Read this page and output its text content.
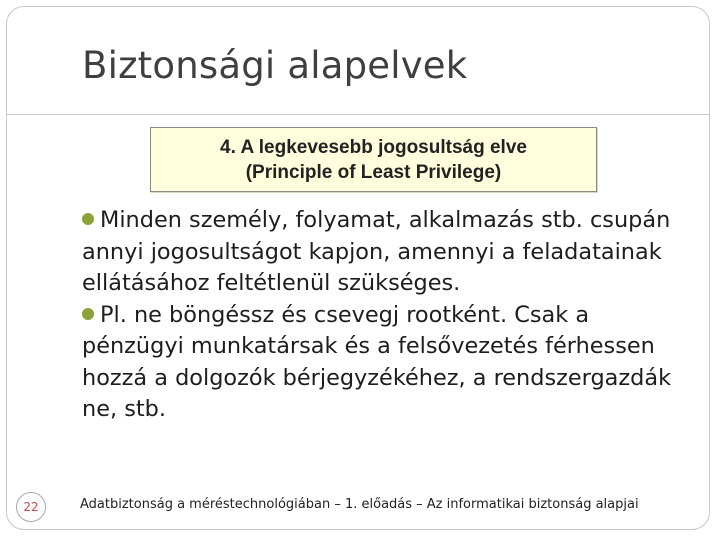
Biztonsági alapelvek
4. A legkevesebb jogosultság elve
(Principle of Least Privilege)

Minden személy, folyamat, alkalmazás stb. csupán annyi jogosultságot kapjon, amennyi a feladatainak ellátásához feltétlenül szükséges.

Pl. ne böngéssz és csevegj rootként. Csak a pénzügyi munkatársak és a felsővezetés férhessen hozzá a dolgozók bérjegyzékéhez, a rendszergazdák ne, stb.

22	Adatbiztonság a méréstechnológiában – 1. előadás – Az informatikai biztonság alapjai
